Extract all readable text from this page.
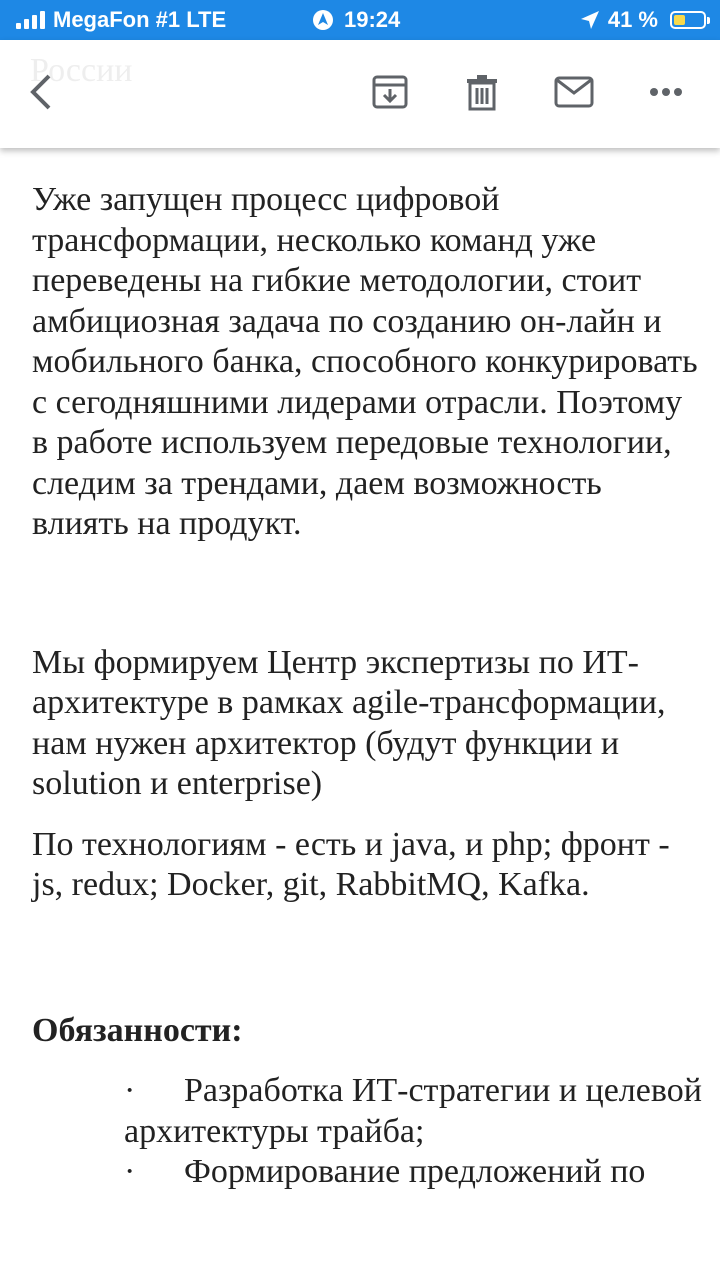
MegaFon #1 LTE	19:24	41 %
России

Уже запущен процесс цифровой трансформации, несколько команд уже переведены на гибкие методологии, стоит амбициозная задача по созданию он-лайн и мобильного банка, способного конкурировать с сегодняшними лидерами отрасли. Поэтому в работе используем передовые технологии, следим за трендами, даем возможность влиять на продукт.

Мы формируем Центр экспертизы по ИТ-архитектуре в рамках agile-трансформации, нам нужен архитектор (будут функции и solution и enterprise)

По технологиям - есть и java, и php; фронт - js, redux; Docker, git, RabbitMQ, Kafka.

Обязанности:

· Разработка ИТ-стратегии и целевой архитектуры трайба;
· Формирование предложений по
